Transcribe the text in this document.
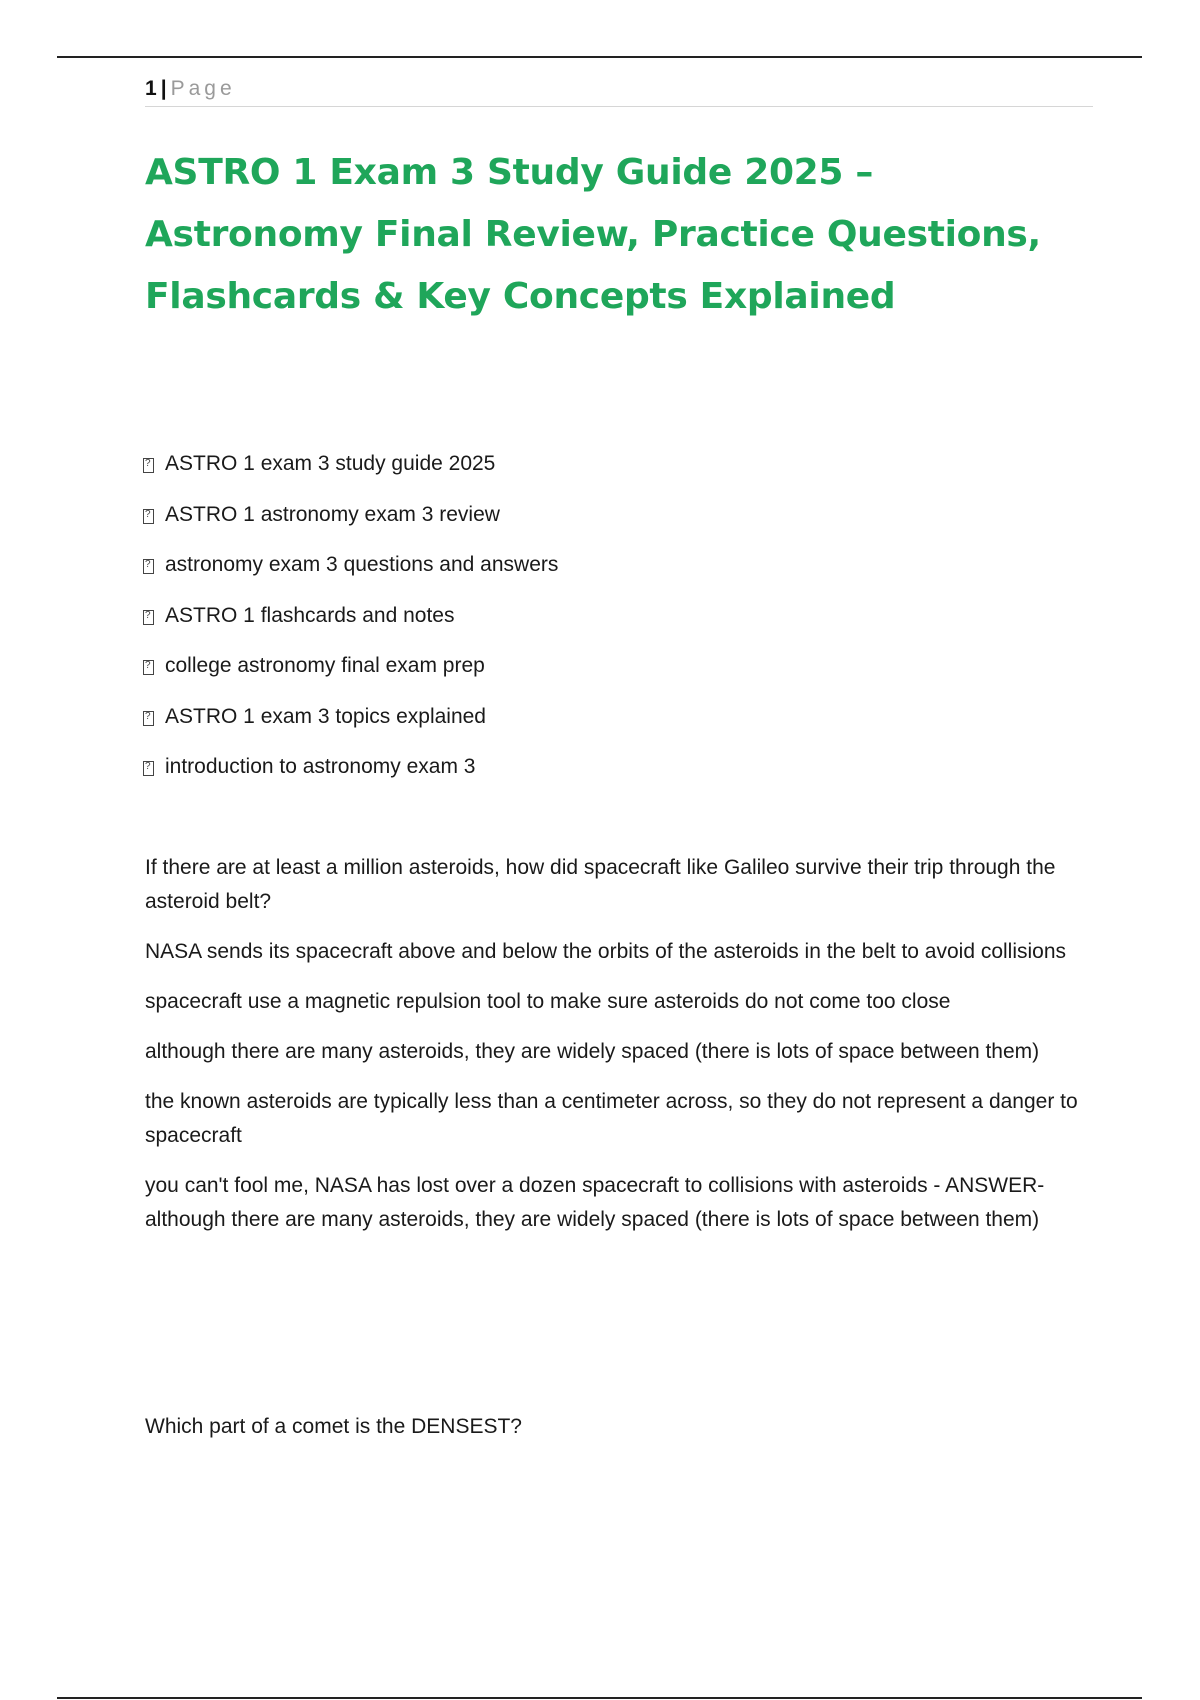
1 | Page
ASTRO 1 Exam 3 Study Guide 2025 – Astronomy Final Review, Practice Questions, Flashcards & Key Concepts Explained
?
ASTRO 1 exam 3 study guide 2025
?
ASTRO 1 astronomy exam 3 review
?
astronomy exam 3 questions and answers
?
ASTRO 1 flashcards and notes
?
college astronomy final exam prep
?
ASTRO 1 exam 3 topics explained
?
introduction to astronomy exam 3

If there are at least a million asteroids, how did spacecraft like Galileo survive their trip through the asteroid belt?

NASA sends its spacecraft above and below the orbits of the asteroids in the belt to avoid collisions

spacecraft use a magnetic repulsion tool to make sure asteroids do not come too close

although there are many asteroids, they are widely spaced (there is lots of space between them)

the known asteroids are typically less than a centimeter across, so they do not represent a danger to spacecraft

you can't fool me, NASA has lost over a dozen spacecraft to collisions with asteroids - ANSWER- although there are many asteroids, they are widely spaced (there is lots of space between them)

Which part of a comet is the DENSEST?
